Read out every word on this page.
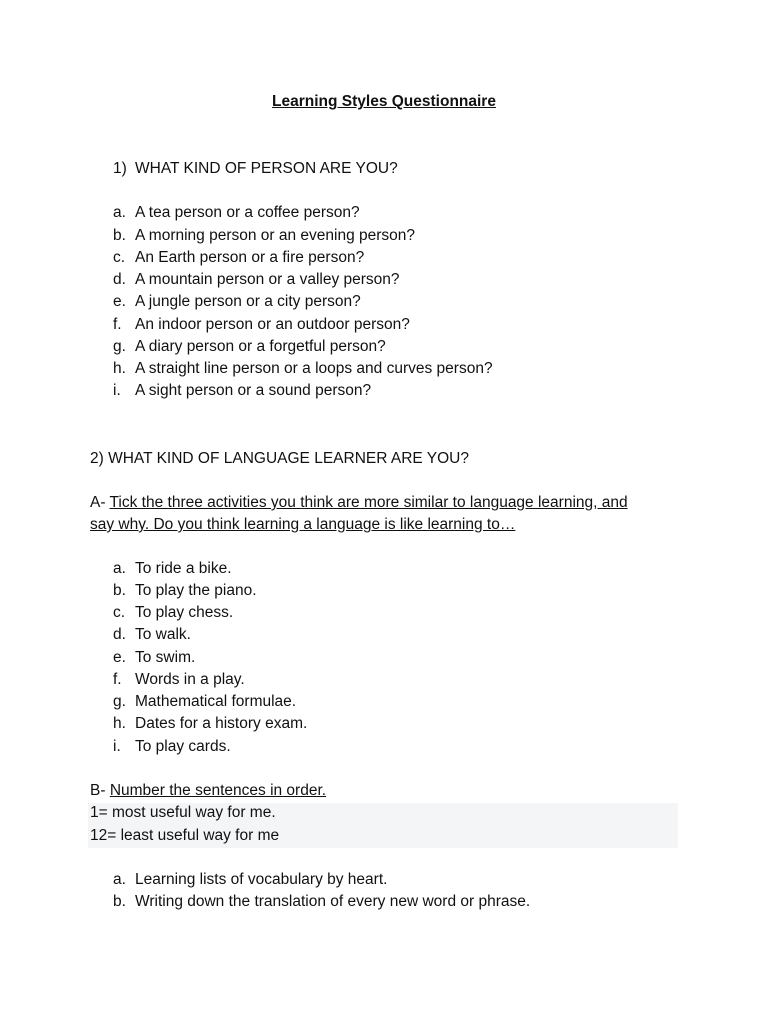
Learning Styles Questionnaire
1) WHAT KIND OF PERSON ARE YOU?
a. A tea person or a coffee person?
b. A morning person or an evening person?
c. An Earth person or a fire person?
d. A mountain person or a valley person?
e. A jungle person or a city person?
f. An indoor person or an outdoor person?
g. A diary person or a forgetful person?
h. A straight line person or a loops and curves person?
i. A sight person or a sound person?
2) WHAT KIND OF LANGUAGE LEARNER ARE YOU?
A- Tick the three activities you think are more similar to language learning, and
say why. Do you think learning a language is like learning to…
a. To ride a bike.
b. To play the piano.
c. To play chess.
d. To walk.
e. To swim.
f. Words in a play.
g. Mathematical formulae.
h. Dates for a history exam.
i. To play cards.
B- Number the sentences in order.
1= most useful way for me.
12= least useful way for me
a. Learning lists of vocabulary by heart.
b. Writing down the translation of every new word or phrase.
